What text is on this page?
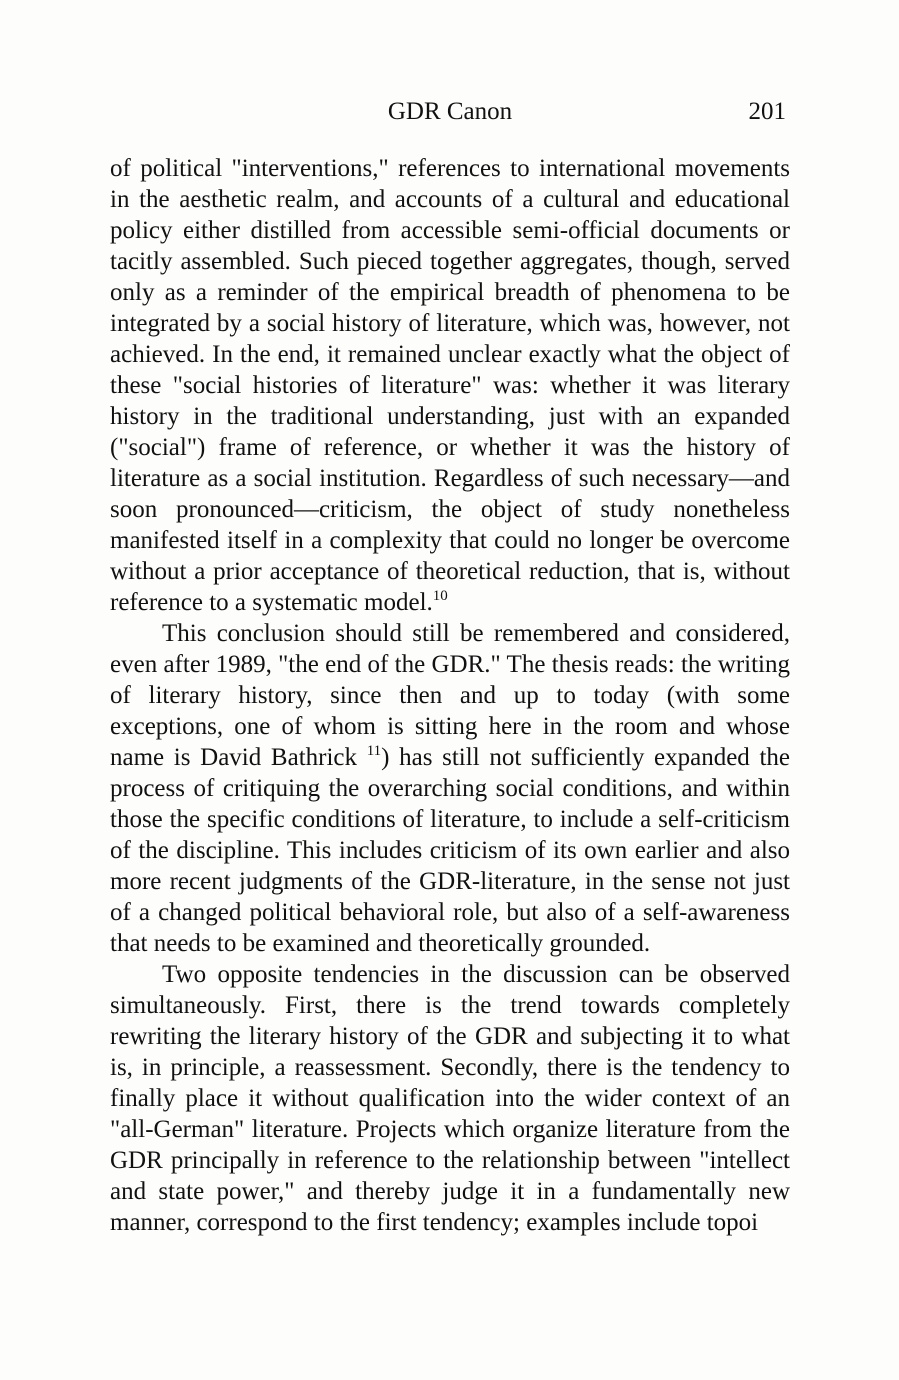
GDR Canon	201

of political "interventions," references to international movements in the aesthetic realm, and accounts of a cultural and educational policy either distilled from accessible semi-official documents or tacitly assembled. Such pieced together aggregates, though, served only as a reminder of the empirical breadth of phenomena to be integrated by a social history of literature, which was, however, not achieved. In the end, it remained unclear exactly what the object of these "social histories of literature" was: whether it was literary history in the traditional understanding, just with an expanded ("social") frame of reference, or whether it was the history of literature as a social institution. Regardless of such necessary—and soon pronounced—criticism, the object of study nonetheless manifested itself in a complexity that could no longer be overcome without a prior acceptance of theoretical reduction, that is, without reference to a systematic model.$^{10}$

This conclusion should still be remembered and considered, even after 1989, "the end of the GDR." The thesis reads: the writing of literary history, since then and up to today (with some exceptions, one of whom is sitting here in the room and whose name is David Bathrick $^{11}$) has still not sufficiently expanded the process of critiquing the overarching social conditions, and within those the specific conditions of literature, to include a self-criticism of the discipline. This includes criticism of its own earlier and also more recent judgments of the GDR-literature, in the sense not just of a changed political behavioral role, but also of a self-awareness that needs to be examined and theoretically grounded.

Two opposite tendencies in the discussion can be observed simultaneously. First, there is the trend towards completely rewriting the literary history of the GDR and subjecting it to what is, in principle, a reassessment. Secondly, there is the tendency to finally place it without qualification into the wider context of an "all-German" literature. Projects which organize literature from the GDR principally in reference to the relationship between "intellect and state power," and thereby judge it in a fundamentally new manner, correspond to the first tendency; examples include topoi
